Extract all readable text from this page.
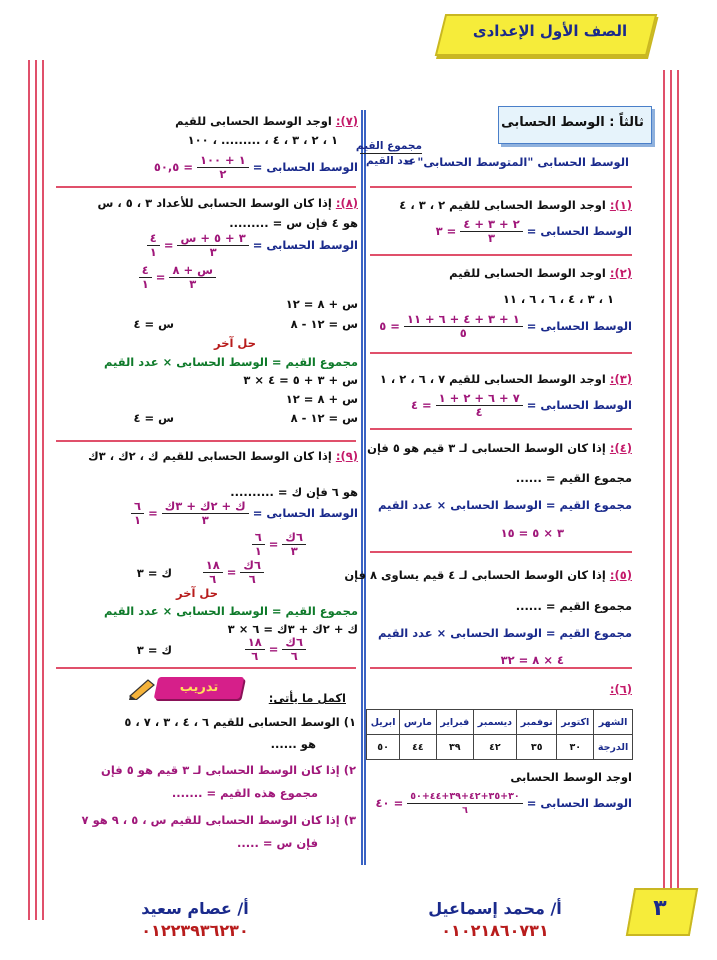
الصف الأول الإعدادى
ثالثاً : الوسط الحسابى
الوسط الحسابى "المتوسط الحسابى" =
مجموع القيم
عدد القيم
(١): اوجد الوسط الحسابى للقيم ٢ ، ٣ ، ٤
الوسط الحسابى =
$\frac{٢ + ٣ + ٤}{٣}$
= ٣
(٢): اوجد الوسط الحسابى للقيم
١ ، ٣ ، ٤ ، ٦ ، ٦ ، ١١
الوسط الحسابى =
$\frac{١ + ٣ + ٤ + ٦ + ١١}{٥}$
= ٥
(٣): اوجد الوسط الحسابى للقيم ٧ ، ٦ ، ٢ ، ١
الوسط الحسابى =
$\frac{٧ + ٦ + ٢ + ١}{٤}$
= ٤
(٤): إذا كان الوسط الحسابى لـ ٣ قيم هو ٥ فإن
مجموع القيم = ......
مجموع القيم = الوسط الحسابى × عدد القيم
٣ × ٥ = ١٥
(٥): إذا كان الوسط الحسابى لـ ٤ قيم يساوى ٨ فإن
مجموع القيم = ......
مجموع القيم = الوسط الحسابى × عدد القيم
٤ × ٨ = ٣٢
(٦):
الشهر	اكتوبر	نوفمبر	ديسمبر	فبراير	مارس	ابريل
الدرجة	٣٠	٣٥	٤٢	٣٩	٤٤	٥٠
اوجد الوسط الحسابى
الوسط الحسابى =
$\frac{٣٠+٣٥+٤٢+٣٩+٤٤+٥٠}{٦}$
= ٤٠
(٧): اوجد الوسط الحسابى للقيم
١ ، ٢ ، ٣ ، ٤ ، ......... ، ١٠٠
الوسط الحسابى =
$\frac{١ + ١٠٠}{٢}$
= ٥٠,٥
(٨): إذا كان الوسط الحسابى للأعداد ٣ ، ٥ ، س
هو ٤ فإن س = .........
الوسط الحسابى =
$\frac{\text{٣ + ٥ + س}}{٣}$
=
$\frac{٤}{١}$
$\frac{\text{س + ٨}}{٣}$
=
$\frac{٤}{١}$
س + ٨ = ١٢
س = ١٢ - ٨
س = ٤
حل آخر
مجموع القيم = الوسط الحسابى × عدد القيم
س + ٣ + ٥ = ٤ × ٣
س + ٨ = ١٢
س = ١٢ - ٨
س = ٤
(٩): إذا كان الوسط الحسابى للقيم ك ، ٢ك ، ٣ك
هو ٦ فإن ك = ..........
الوسط الحسابى =
$\frac{\text{ك + ٢ك + ٣ك}}{٣}$
=
$\frac{٦}{١}$
$\frac{\text{٦ك}}{٣}$
=
$\frac{٦}{١}$
$\frac{\text{٦ك}}{٦}$
=
$\frac{١٨}{٦}$
ك = ٣
حل آخر
مجموع القيم = الوسط الحسابى × عدد القيم
ك + ٢ك + ٣ك = ٦ × ٣
$\frac{\text{٦ك}}{٦}$
=
$\frac{١٨}{٦}$
ك = ٣
تدريب
اكمل ما يأتى:
١) الوسط الحسابى للقيم ٦ ، ٤ ، ٣ ، ٧ ، ٥
هو ......
٢) إذا كان الوسط الحسابى لـ ٣ قيم هو ٥ فإن
مجموع هذه القيم = .......
٣) إذا كان الوسط الحسابى للقيم س ، ٥ ، ٩ هو ٧
فإن س = .....
أ/ محمد إسماعيل
٠١٠٢١٨٦٠٧٣١
أ/ عصام سعيد
٠١٢٢٣٩٣٦٢٣٠
٣
